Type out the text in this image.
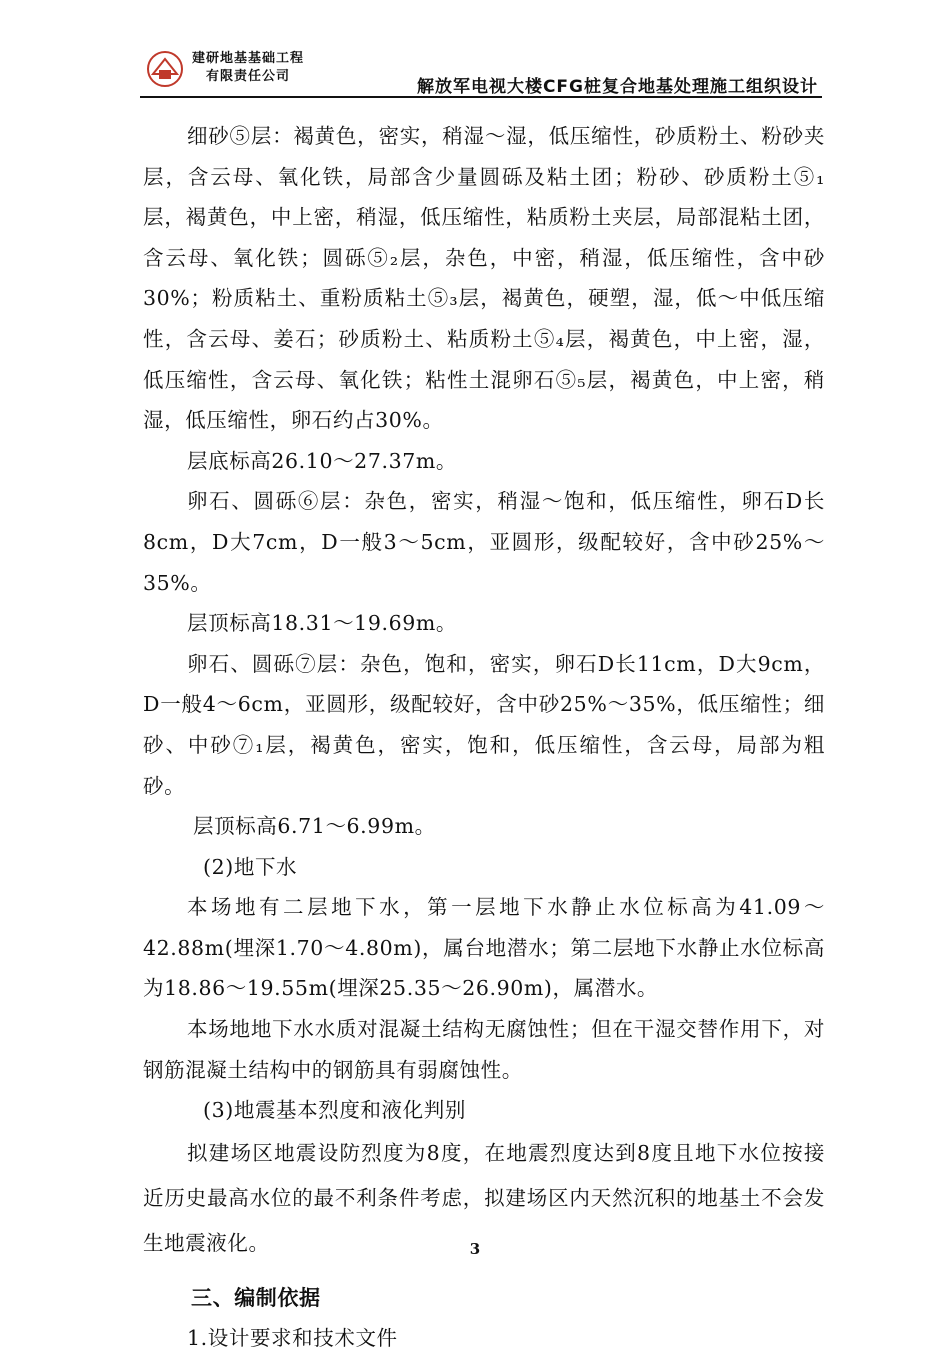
建研地基基础工程
有限责任公司
解放军电视大楼CFG桩复合地基处理施工组织设计

细砂⑤层：褐黄色，密实，稍湿～湿，低压缩性，砂质粉土、粉砂夹层，含云母、氧化铁，局部含少量圆砾及粘土团；粉砂、砂质粉土⑤₁层，褐黄色，中上密，稍湿，低压缩性，粘质粉土夹层，局部混粘土团，含云母、氧化铁；圆砾⑤₂层，杂色，中密，稍湿，低压缩性，含中砂30%；粉质粘土、重粉质粘土⑤₃层，褐黄色，硬塑，湿，低～中低压缩性，含云母、姜石；砂质粉土、粘质粉土⑤₄层，褐黄色，中上密，湿，低压缩性，含云母、氧化铁；粘性土混卵石⑤₅层，褐黄色，中上密，稍湿，低压缩性，卵石约占30%。

层底标高26.10～27.37m。

卵石、圆砾⑥层：杂色，密实，稍湿～饱和，低压缩性，卵石D长8cm，D大7cm，D一般3～5cm，亚圆形，级配较好，含中砂25%～35%。

层顶标高18.31～19.69m。

卵石、圆砾⑦层：杂色，饱和，密实，卵石D长11cm，D大9cm，D一般4～6cm，亚圆形，级配较好，含中砂25%～35%，低压缩性；细砂、中砂⑦₁层，褐黄色，密实，饱和，低压缩性，含云母，局部为粗砂。

层顶标高6.71～6.99m。

(2)地下水

本场地有二层地下水，第一层地下水静止水位标高为41.09～42.88m(埋深1.70～4.80m)，属台地潜水；第二层地下水静止水位标高为18.86～19.55m(埋深25.35～26.90m)，属潜水。

本场地地下水水质对混凝土结构无腐蚀性；但在干湿交替作用下，对钢筋混凝土结构中的钢筋具有弱腐蚀性。

(3)地震基本烈度和液化判别

拟建场区地震设防烈度为8度，在地震烈度达到8度且地下水位按接近历史最高水位的最不利条件考虑，拟建场区内天然沉积的地基土不会发生地震液化。

三、编制依据

1.设计要求和技术文件

3
